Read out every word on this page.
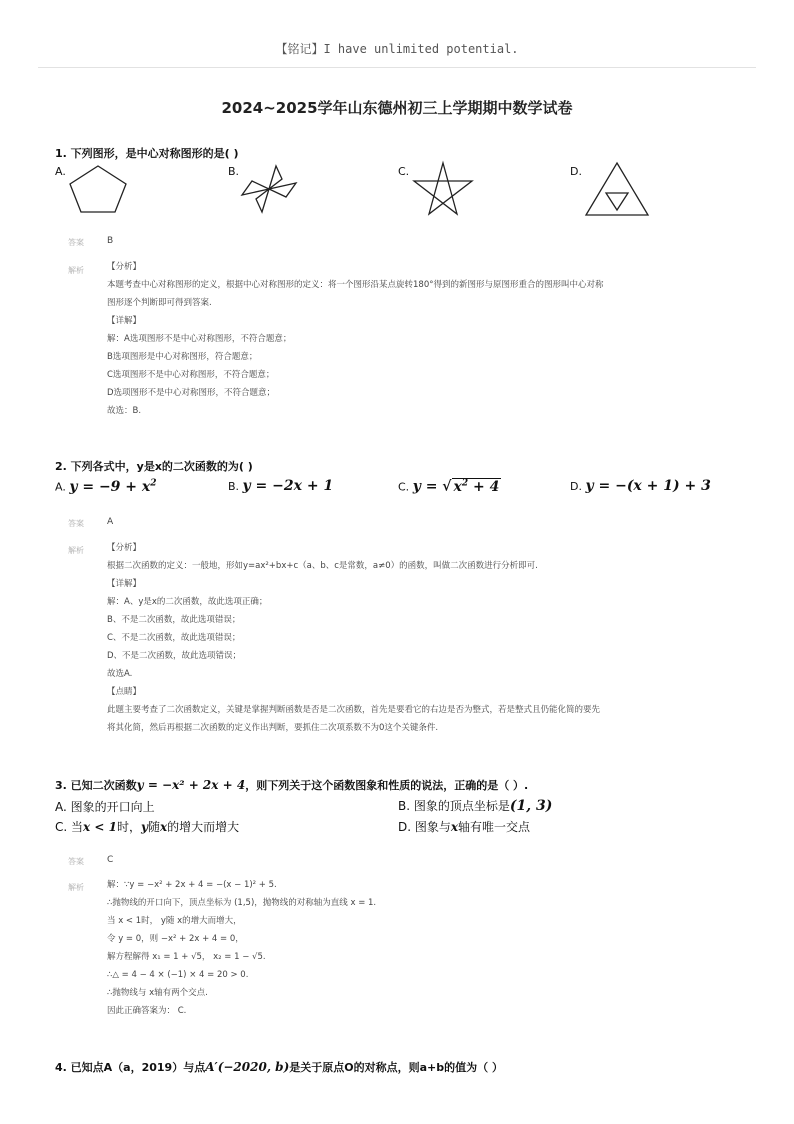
【铭记】I have unlimited potential.
2024~2025学年山东德州初三上学期期中数学试卷
1. 下列图形，是中心对称图形的是( )
A.	B.	C.	D.
答案	B
解析	【分析】

本题考查中心对称图形的定义，根据中心对称图形的定义：将一个图形沿某点旋转180°得到的新图形与原图形重合的图形叫中心对称

图形逐个判断即可得到答案.

【详解】

解：A选项图形不是中心对称图形，不符合题意；

B选项图形是中心对称图形，符合题意；

C选项图形不是中心对称图形，不符合题意；

D选项图形不是中心对称图形，不符合题意；

故选：B.

2. 下列各式中，y是x的二次函数的为( )
A. $y = -9 + x^2$	B. y = −2x + 1	C. y = √ $x^2 + 4$	D. y = −(x + 1) + 3
答案	A
解析	【分析】

根据二次函数的定义：一般地，形如y=ax²+bx+c（a、b、c是常数，a≠0）的函数，叫做二次函数进行分析即可.

【详解】

解：A、y是x的二次函数，故此选项正确；

B、不是二次函数，故此选项错误；

C、不是二次函数，故此选项错误；

D、不是二次函数，故此选项错误；

故选A.

【点睛】

此题主要考查了二次函数定义，关键是掌握判断函数是否是二次函数，首先是要看它的右边是否为整式，若是整式且仍能化简的要先

将其化简，然后再根据二次函数的定义作出判断，要抓住二次项系数不为0这个关键条件.

3. 已知二次函数y = −x² + 2x + 4，则下列关于这个函数图象和性质的说法，正确的是（ ）.
A. 图象的开口向上	B. 图象的顶点坐标是(1, 3)
C. 当x < 1时，y随x的增大而增大	D. 图象与x轴有唯一交点
答案	C
解析	解：∵y = −x² + 2x + 4 = −(x − 1)² + 5.

∴抛物线的开口向下，顶点坐标为 (1,5)，抛物线的对称轴为直线 x = 1.

当 x < 1时， y随 x的增大而增大，

令 y = 0，则 −x² + 2x + 4 = 0，

解方程解得 x₁ = 1 + √5， x₂ = 1 − √5.

∴△ = 4 − 4 × (−1) × 4 = 20 > 0.

∴抛物线与 x轴有两个交点.

因此正确答案为： C.

4. 已知点A（a，2019）与点A′(−2020, b)是关于原点O的对称点，则a+b的值为（ ）
